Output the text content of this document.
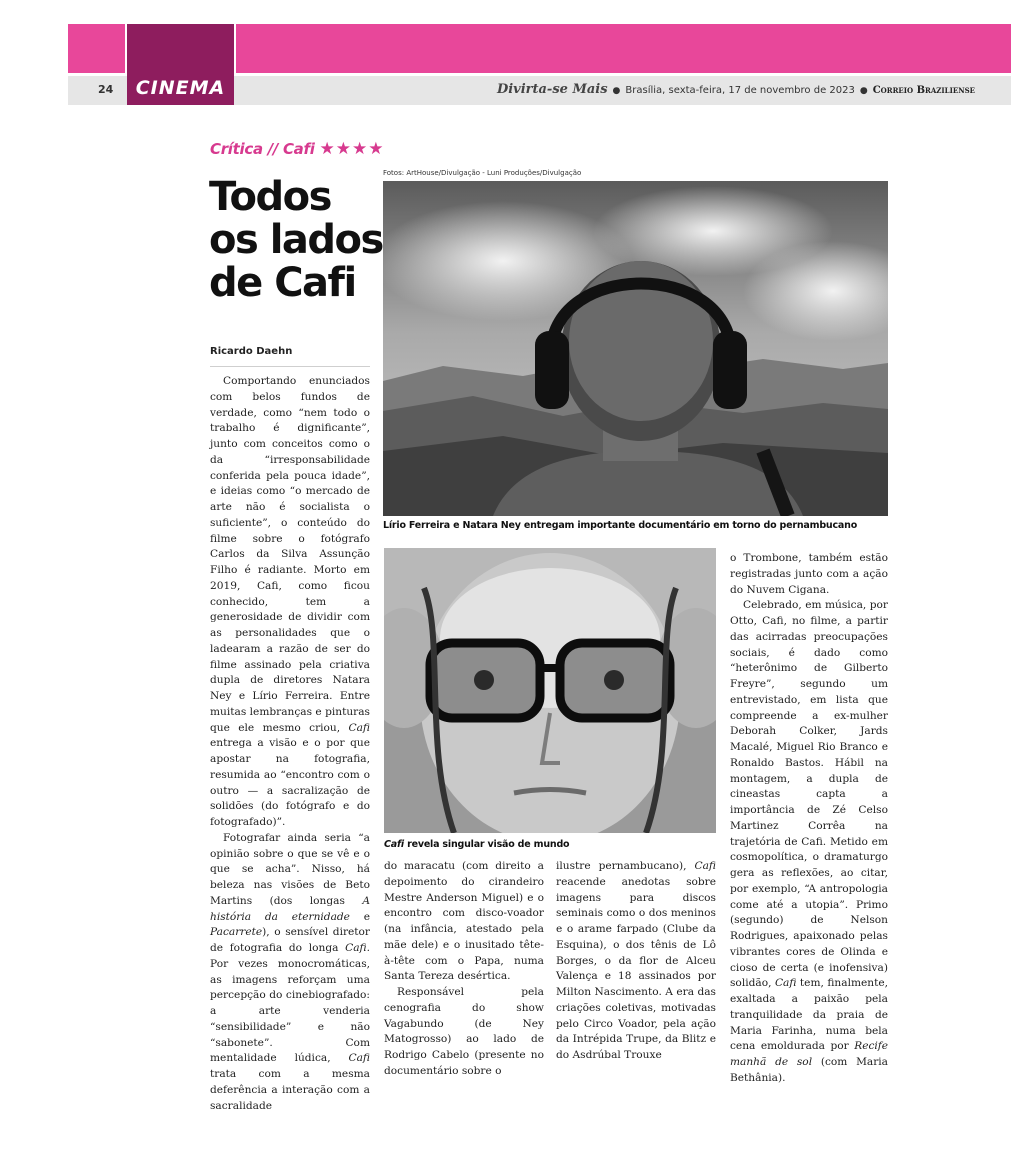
CINEMA
24	Divirta-se Mais ● Brasília, sexta-feira, 17 de novembro de 2023 ● Correio Braziliense
Crítica // Cafi ★★★★
Todos os lados de Cafi
Ricardo Daehn
Fotos: ArtHouse/Divulgação - Luni Produções/Divulgação
Lírio Ferreira e Natara Ney entregam importante documentário em torno do pernambucano
Cafi revela singular visão de mundo

Comportando enunciados com belos fundos de verdade, como “nem todo o trabalho é dignificante”, junto com conceitos como o da “irresponsabilidade conferida pela pouca idade”, e ideias como “o mercado de arte não é socialista o suficiente”, o conteúdo do filme sobre o fotógrafo Carlos da Silva Assunção Filho é radiante. Morto em 2019, Cafi, como ficou conhecido, tem a generosidade de dividir com as personalidades que o ladearam a razão de ser do filme assinado pela criativa dupla de diretores Natara Ney e Lírio Ferreira. Entre muitas lembranças e pinturas que ele mesmo criou, Cafi entrega a visão e o por que apostar na fotografia, resumida ao “encontro com o outro — a sacralização de solidões (do fotógrafo e do fotografado)”.

Fotografar ainda seria “a opinião sobre o que se vê e o que se acha”. Nisso, há beleza nas visões de Beto Martins (dos longas A história da eternidade e Pacarrete), o sensível diretor de fotografia do longa Cafi. Por vezes monocromáticas, as imagens reforçam uma percepção do cinebiografado: a arte venderia “sensibilidade” e não “sabonete”. Com mentalidade lúdica, Cafi trata com a mesma deferência a interação com a sacralidade

do maracatu (com direito a depoimento do cirandeiro Mestre Anderson Miguel) e o encontro com disco-voador (na infância, atestado pela mãe dele) e o inusitado tête-à-tête com o Papa, numa Santa Tereza desértica.

Responsável pela cenografia do show Vagabundo (de Ney Matogrosso) ao lado de Rodrigo Cabelo (presente no documentário sobre o

ilustre pernambucano), Cafi reacende anedotas sobre imagens para discos seminais como o dos meninos e o arame farpado (Clube da Esquina), o dos tênis de Lô Borges, o da flor de Alceu Valença e 18 assinados por Milton Nascimento. A era das criações coletivas, motivadas pelo Circo Voador, pela ação da Intrépida Trupe, da Blitz e do Asdrúbal Trouxe

o Trombone, também estão registradas junto com a ação do Nuvem Cigana.

Celebrado, em música, por Otto, Cafi, no filme, a partir das acirradas preocupações sociais, é dado como “heterônimo de Gilberto Freyre”, segundo um entrevistado, em lista que compreende a ex-mulher Deborah Colker, Jards Macalé, Miguel Rio Branco e Ronaldo Bastos. Hábil na montagem, a dupla de cineastas capta a importância de Zé Celso Martinez Corrêa na trajetória de Cafi. Metido em cosmopolítica, o dramaturgo gera as reflexões, ao citar, por exemplo, “A antropologia come até a utopia”. Primo (segundo) de Nelson Rodrigues, apaixonado pelas vibrantes cores de Olinda e cioso de certa (e inofensiva) solidão, Cafi tem, finalmente, exaltada a paixão pela tranquilidade da praia de Maria Farinha, numa bela cena emoldurada por Recife manhã de sol (com Maria Bethânia).
